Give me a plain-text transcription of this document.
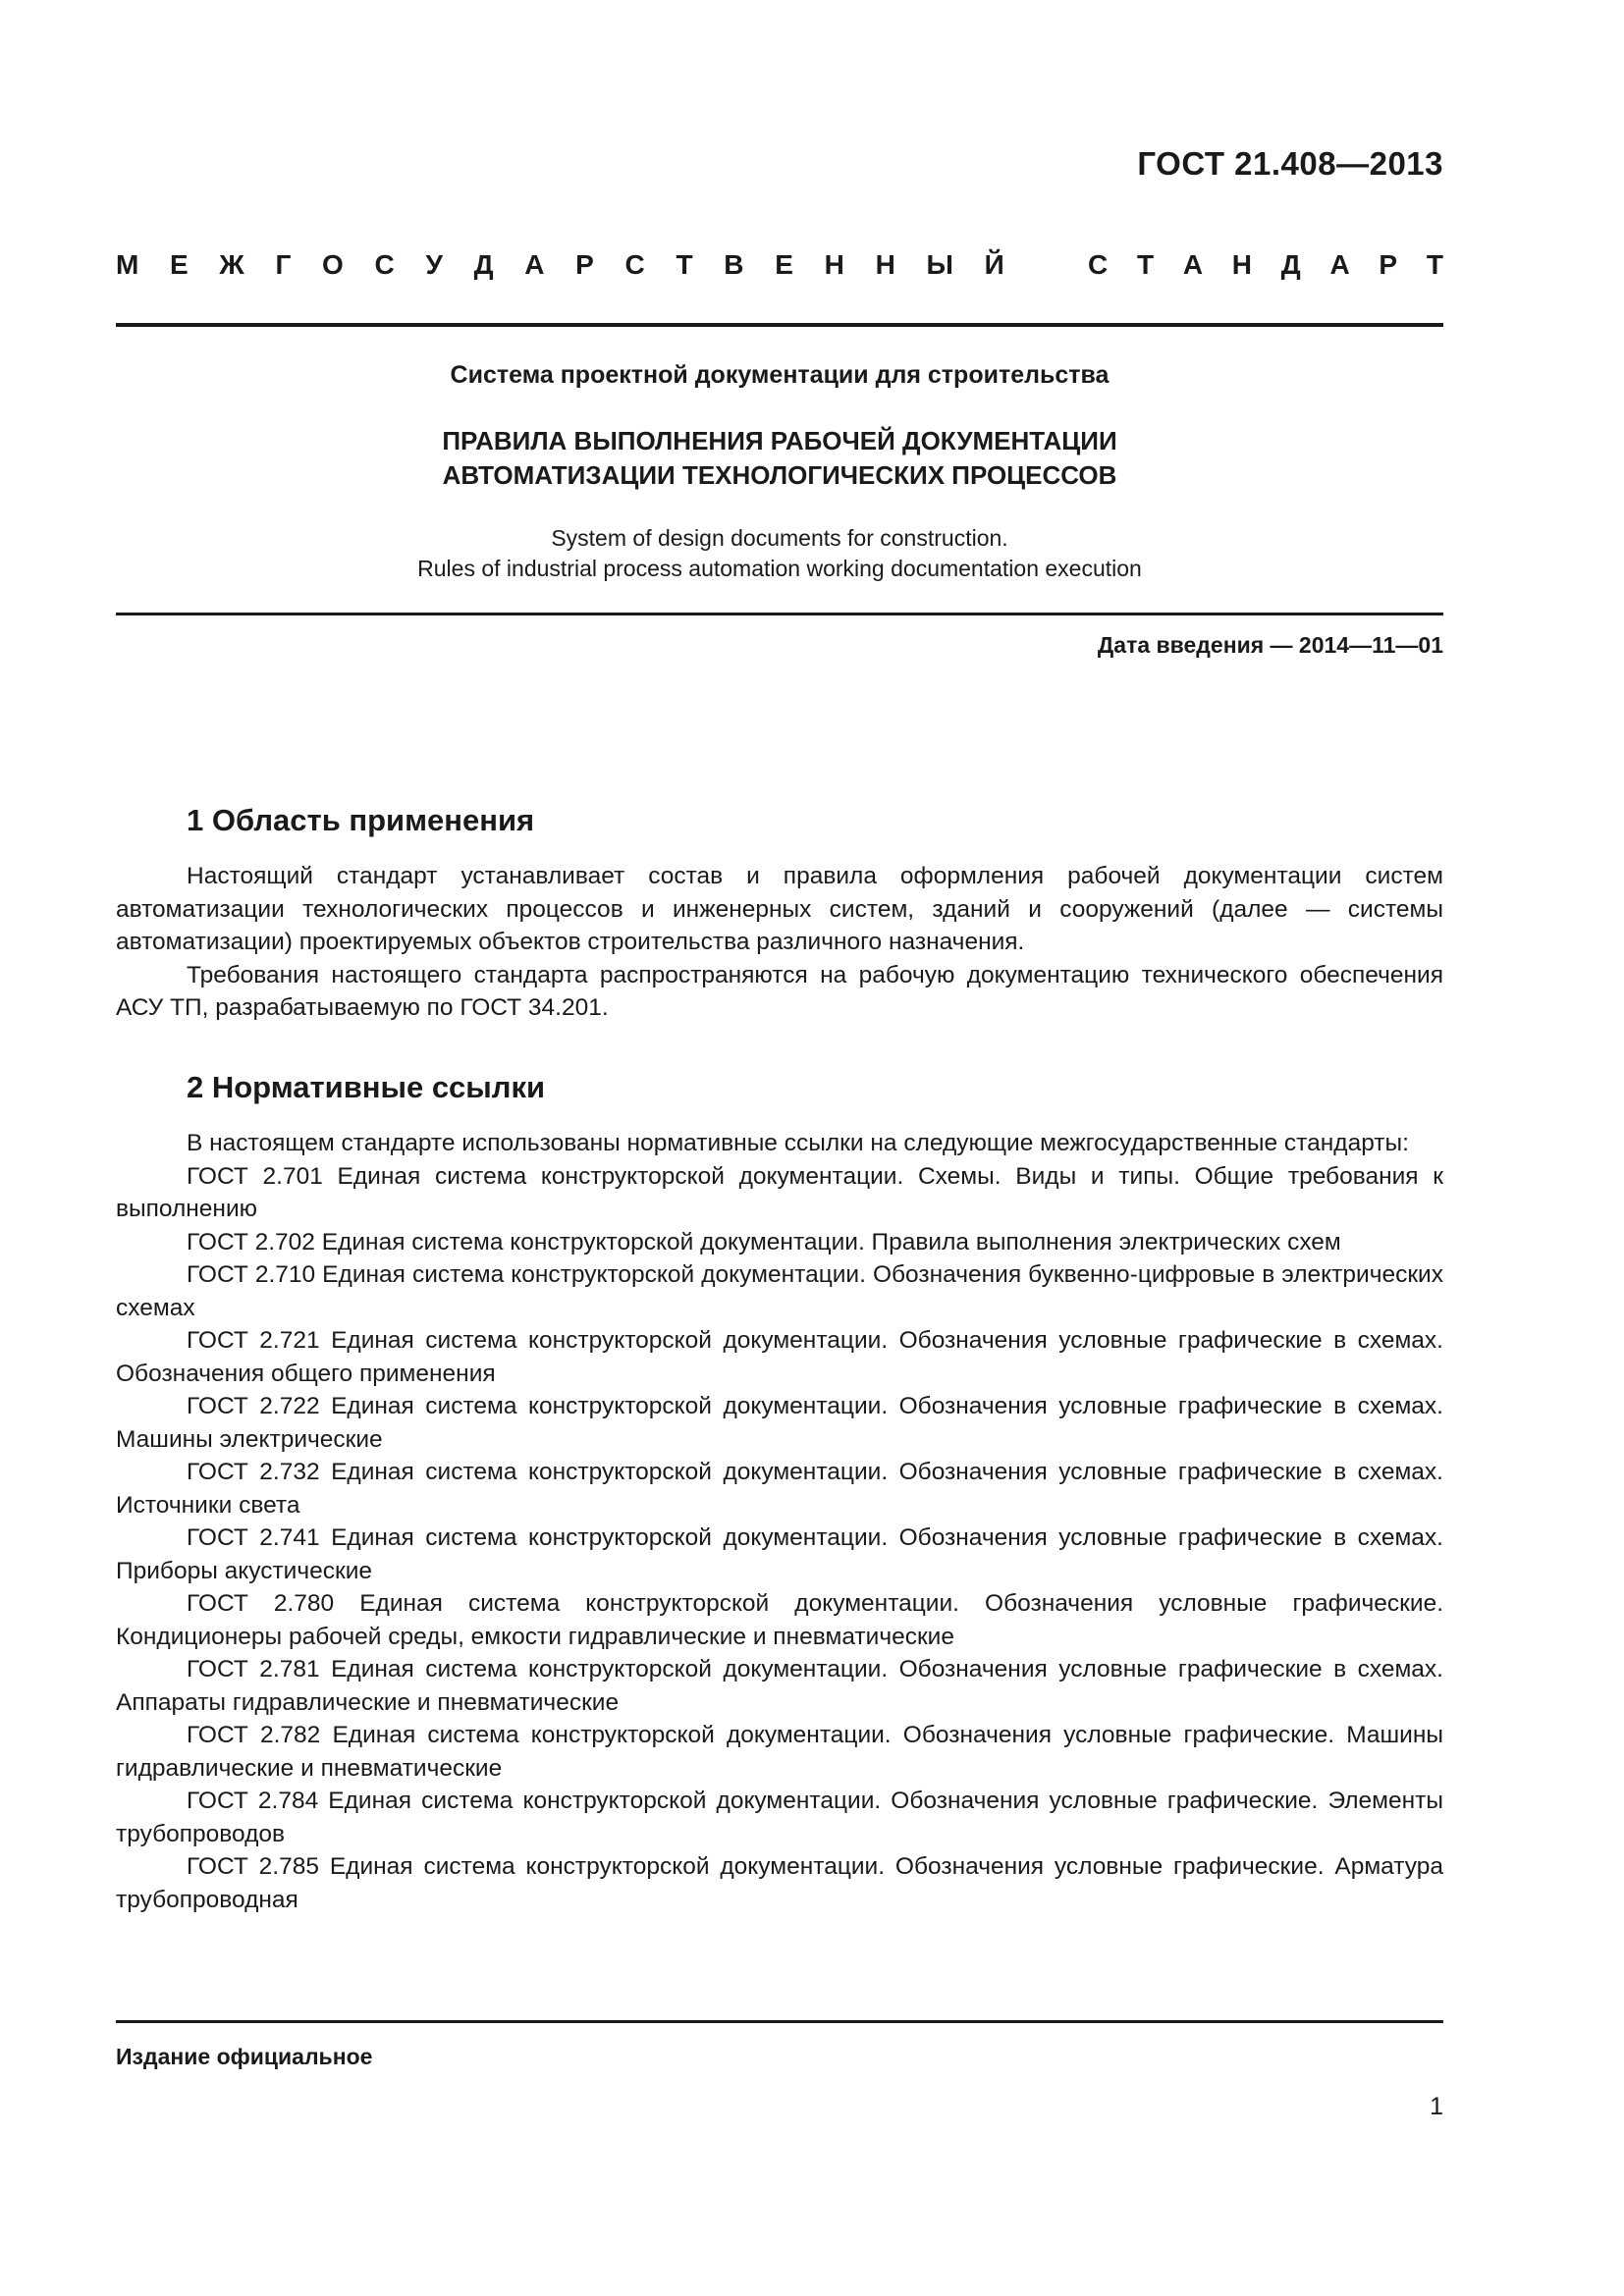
ГОСТ 21.408—2013
М Е Ж Г О С У Д А Р С Т В Е Н Н Ы Й	С Т А Н Д А Р Т
Система проектной документации для строительства
ПРАВИЛА ВЫПОЛНЕНИЯ РАБОЧЕЙ ДОКУМЕНТАЦИИ
АВТОМАТИЗАЦИИ ТЕХНОЛОГИЧЕСКИХ ПРОЦЕССОВ
System of design documents for construction.
Rules of industrial process automation working documentation execution
Дата введения — 2014—11—01
1 Область применения

Настоящий стандарт устанавливает состав и правила оформления рабочей документации систем автоматизации технологических процессов и инженерных систем, зданий и сооружений (далее — системы автоматизации) проектируемых объектов строительства различного назначения.

Требования настоящего стандарта распространяются на рабочую документацию технического обеспечения АСУ ТП, разрабатываемую по ГОСТ 34.201.

2 Нормативные ссылки

В настоящем стандарте использованы нормативные ссылки на следующие межгосударственные стандарты:

ГОСТ 2.701 Единая система конструкторской документации. Схемы. Виды и типы. Общие требования к выполнению

ГОСТ 2.702 Единая система конструкторской документации. Правила выполнения электрических схем

ГОСТ 2.710 Единая система конструкторской документации. Обозначения буквенно-цифровые в электрических схемах

ГОСТ 2.721 Единая система конструкторской документации. Обозначения условные графические в схемах. Обозначения общего применения

ГОСТ 2.722 Единая система конструкторской документации. Обозначения условные графические в схемах. Машины электрические

ГОСТ 2.732 Единая система конструкторской документации. Обозначения условные графические в схемах. Источники света

ГОСТ 2.741 Единая система конструкторской документации. Обозначения условные графические в схемах. Приборы акустические

ГОСТ 2.780 Единая система конструкторской документации. Обозначения условные графические. Кондиционеры рабочей среды, емкости гидравлические и пневматические

ГОСТ 2.781 Единая система конструкторской документации. Обозначения условные графические в схемах. Аппараты гидравлические и пневматические

ГОСТ 2.782 Единая система конструкторской документации. Обозначения условные графические. Машины гидравлические и пневматические

ГОСТ 2.784 Единая система конструкторской документации. Обозначения условные графические. Элементы трубопроводов

ГОСТ 2.785 Единая система конструкторской документации. Обозначения условные графические. Арматура трубопроводная

Издание официальное
1
